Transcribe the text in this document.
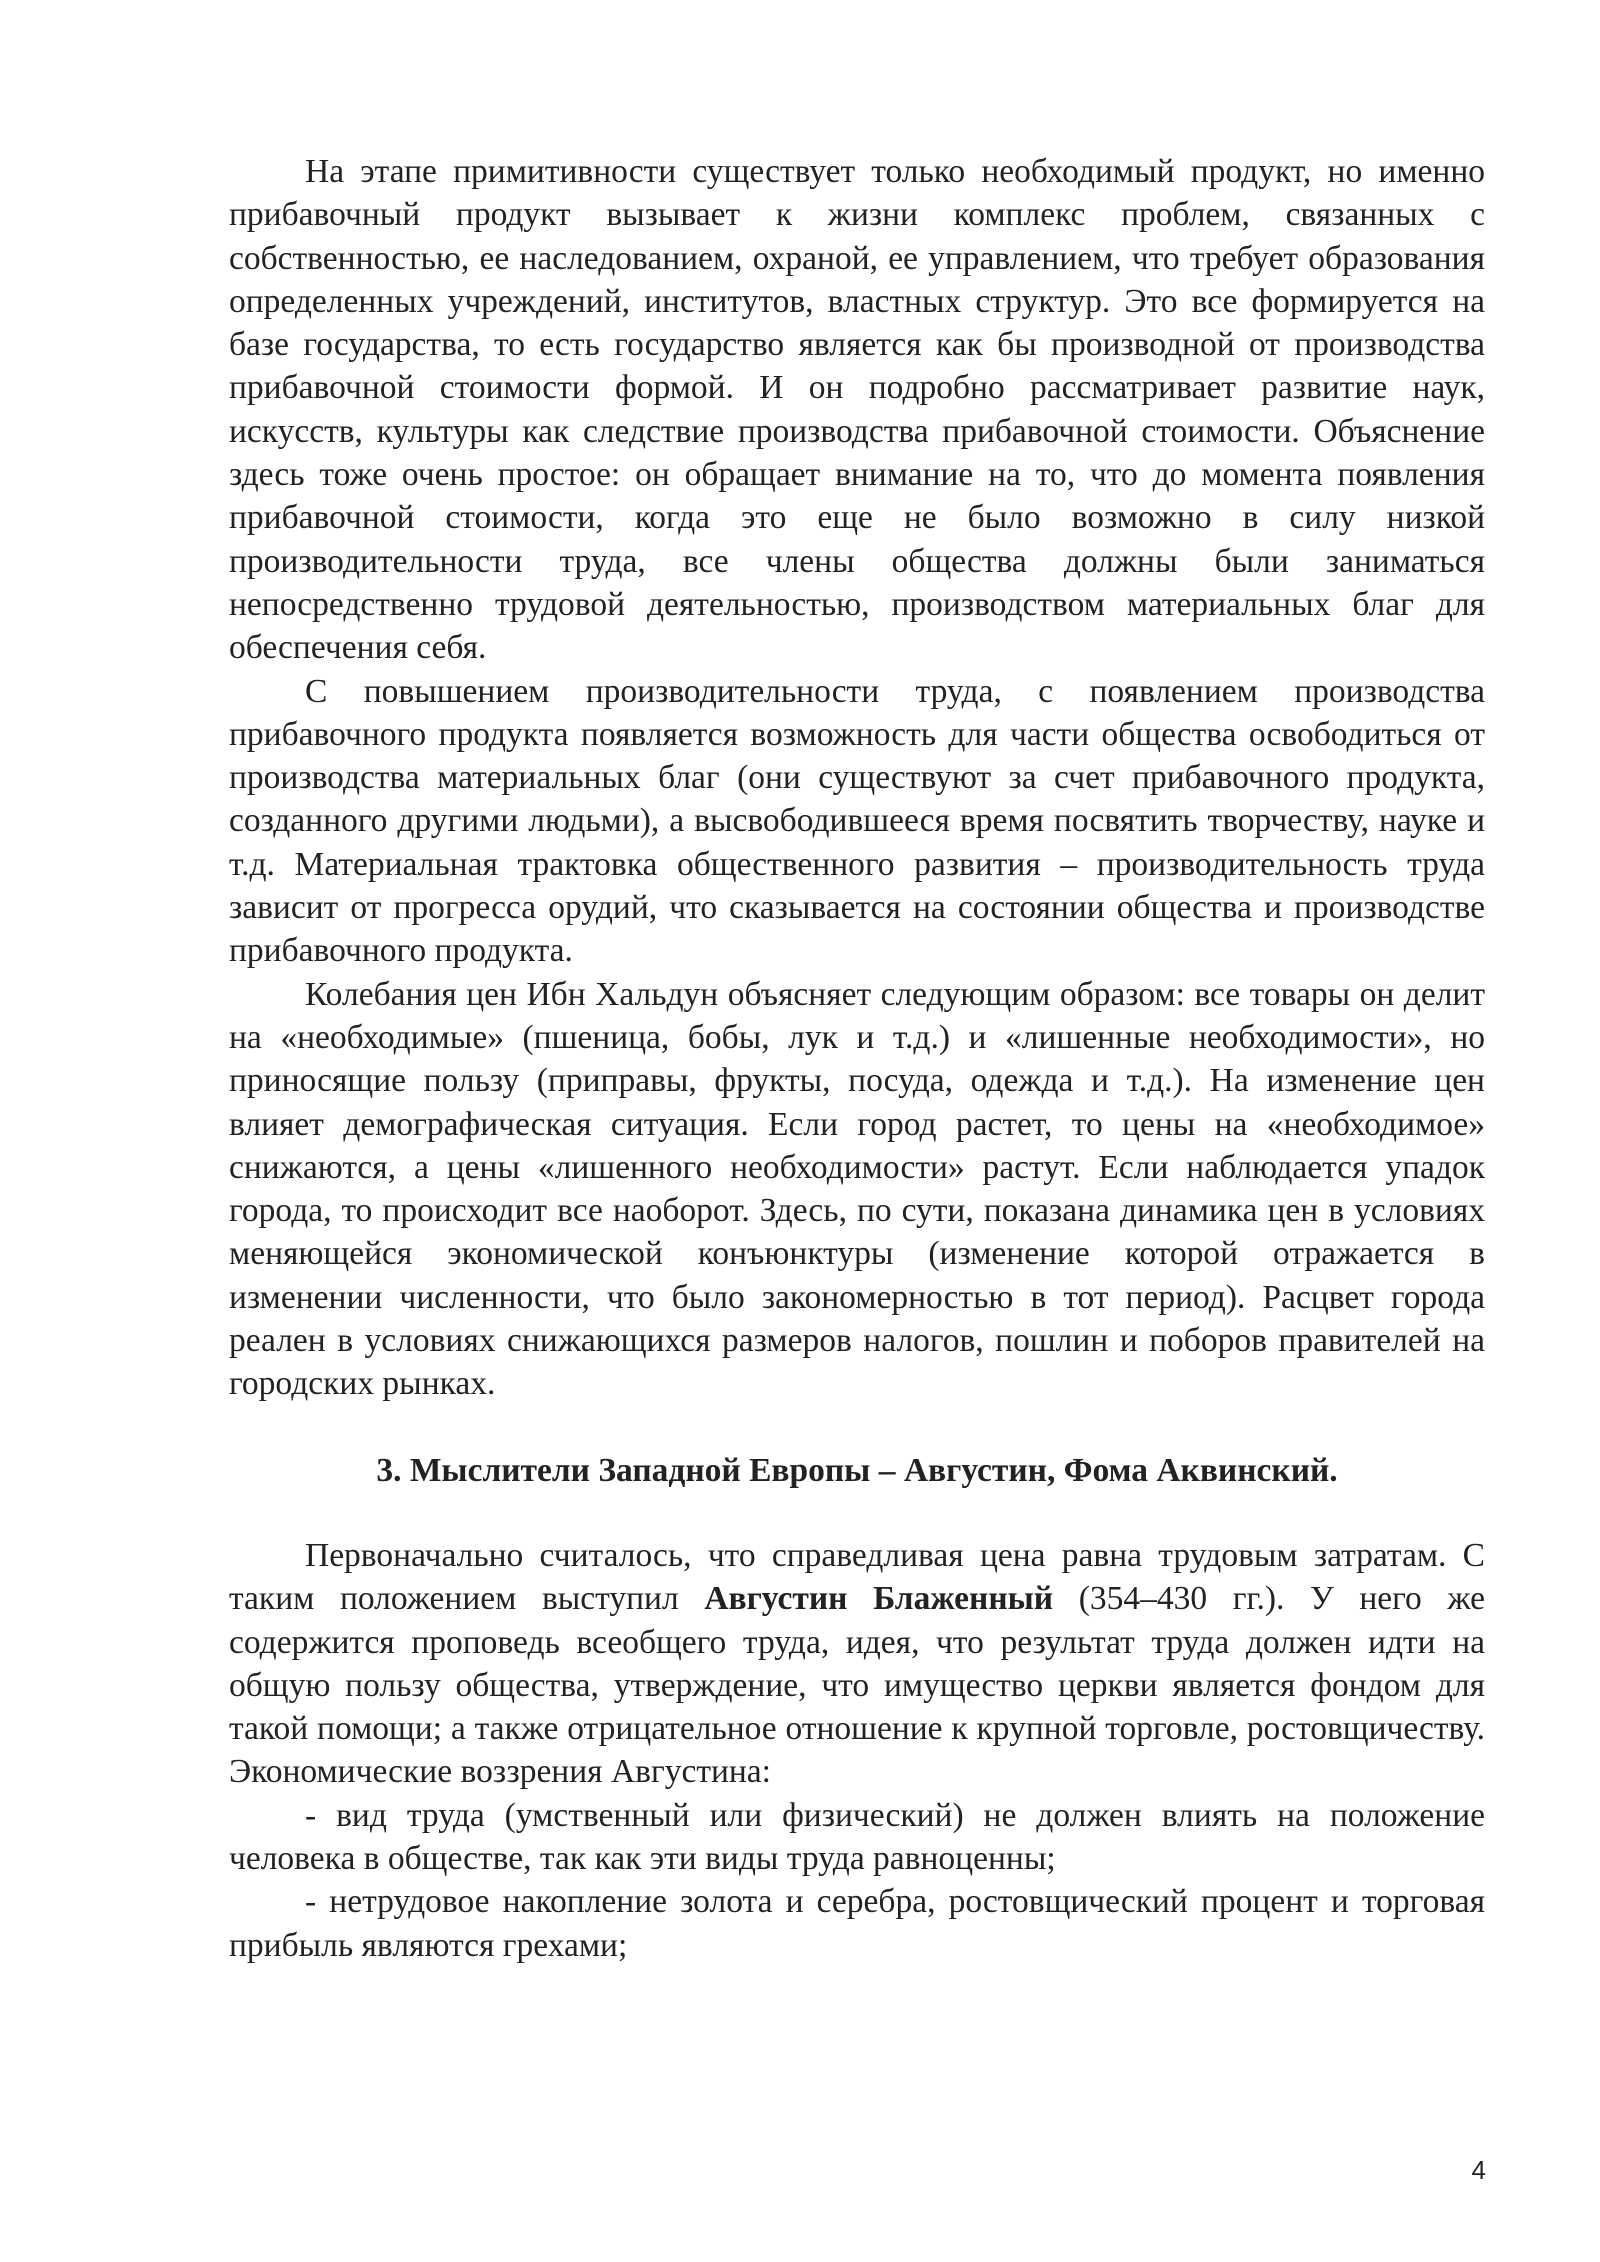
На этапе примитивности существует только необходимый продукт, но именно прибавочный продукт вызывает к жизни комплекс проблем, связанных с собственностью, ее наследованием, охраной, ее управлением, что требует образования определенных учреждений, институтов, властных структур. Это все формируется на базе государства, то есть государство является как бы производной от производства прибавочной стоимости формой. И он подробно рассматривает развитие наук, искусств, культуры как следствие производства прибавочной стоимости. Объяснение здесь тоже очень простое: он обращает внимание на то, что до момента появления прибавочной стоимости, когда это еще не было возможно в силу низкой производительности труда, все члены общества должны были заниматься непосредственно трудовой деятельностью, производством материальных благ для обеспечения себя.

С повышением производительности труда, с появлением производства прибавочного продукта появляется возможность для части общества освободиться от производства материальных благ (они существуют за счет прибавочного продукта, созданного другими людьми), а высвободившееся время посвятить творчеству, науке и т.д. Материальная трактовка общественного развития – производительность труда зависит от прогресса орудий, что сказывается на состоянии общества и производстве прибавочного продукта.

Колебания цен Ибн Хальдун объясняет следующим образом: все товары он делит на «необходимые» (пшеница, бобы, лук и т.д.) и «лишенные необходимости», но приносящие пользу (приправы, фрукты, посуда, одежда и т.д.). На изменение цен влияет демографическая ситуация. Если город растет, то цены на «необходимое» снижаются, а цены «лишенного необходимости» растут. Если наблюдается упадок города, то происходит все наоборот. Здесь, по сути, показана динамика цен в условиях меняющейся экономической конъюнктуры (изменение которой отражается в изменении численности, что было закономерностью в тот период). Расцвет города реален в условиях снижающихся размеров налогов, пошлин и поборов правителей на городских рынках.

3. Мыслители Западной Европы – Августин, Фома Аквинский.

Первоначально считалось, что справедливая цена равна трудовым затратам. С таким положением выступил Августин Блаженный (354–430 гг.). У него же содержится проповедь всеобщего труда, идея, что результат труда должен идти на общую пользу общества, утверждение, что имущество церкви является фондом для такой помощи; а также отрицательное отношение к крупной торговле, ростовщичеству. Экономические воззрения Августина:

- вид труда (умственный или физический) не должен влиять на положение человека в обществе, так как эти виды труда равноценны;

- нетрудовое накопление золота и серебра, ростовщический процент и торговая прибыль являются грехами;

4
